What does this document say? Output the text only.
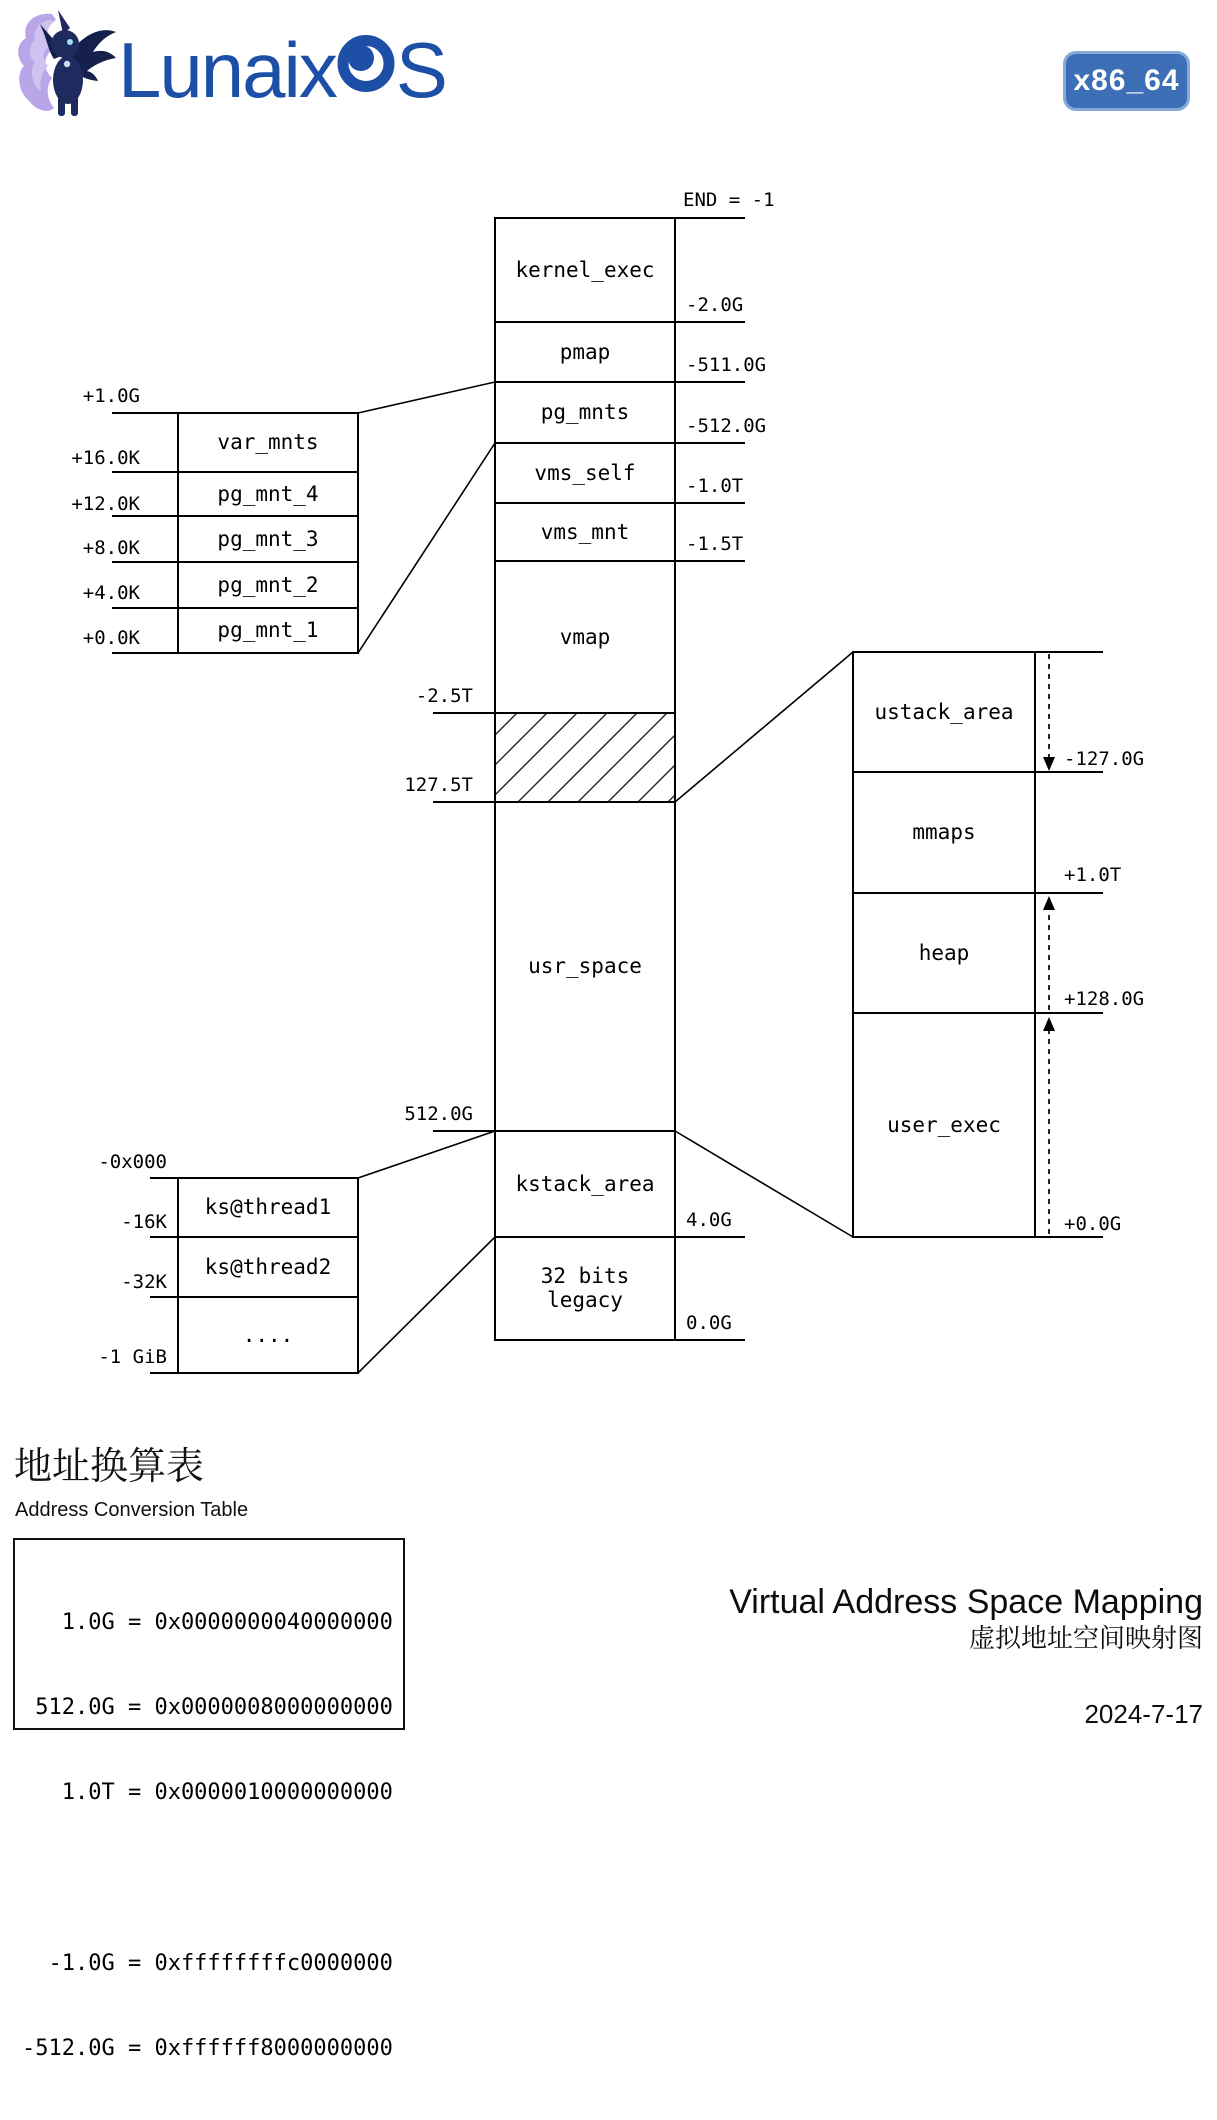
Lunaix S	x86_64
kernel_exec
pmap
pg_mnts
vms_self
vms_mnt
vmap
usr_space
kstack_area
32 bits
legacy
END = -1
-2.0G
-511.0G
-512.0G
-1.0T
-1.5T
4.0G
0.0G
-2.5T
127.5T
512.0G
var_mnts
pg_mnt_4
pg_mnt_3
pg_mnt_2
pg_mnt_1
+1.0G
+16.0K
+12.0K
+8.0K
+4.0K
+0.0K
ks@thread1
ks@thread2
....
-0x000
-16K
-32K
-1 GiB
ustack_area
mmaps
heap
user_exec
-127.0G
+1.0T
+128.0G
+0.0G
地址换算表
Address Conversion Table

1.0G = 0x0000000040000000

512.0G = 0x0000008000000000

1.0T = 0x0000010000000000

-1.0G = 0xffffffffc0000000

-512.0G = 0xffffff8000000000

Virtual Address Space Mapping
虚拟地址空间映射图
2024-7-17
